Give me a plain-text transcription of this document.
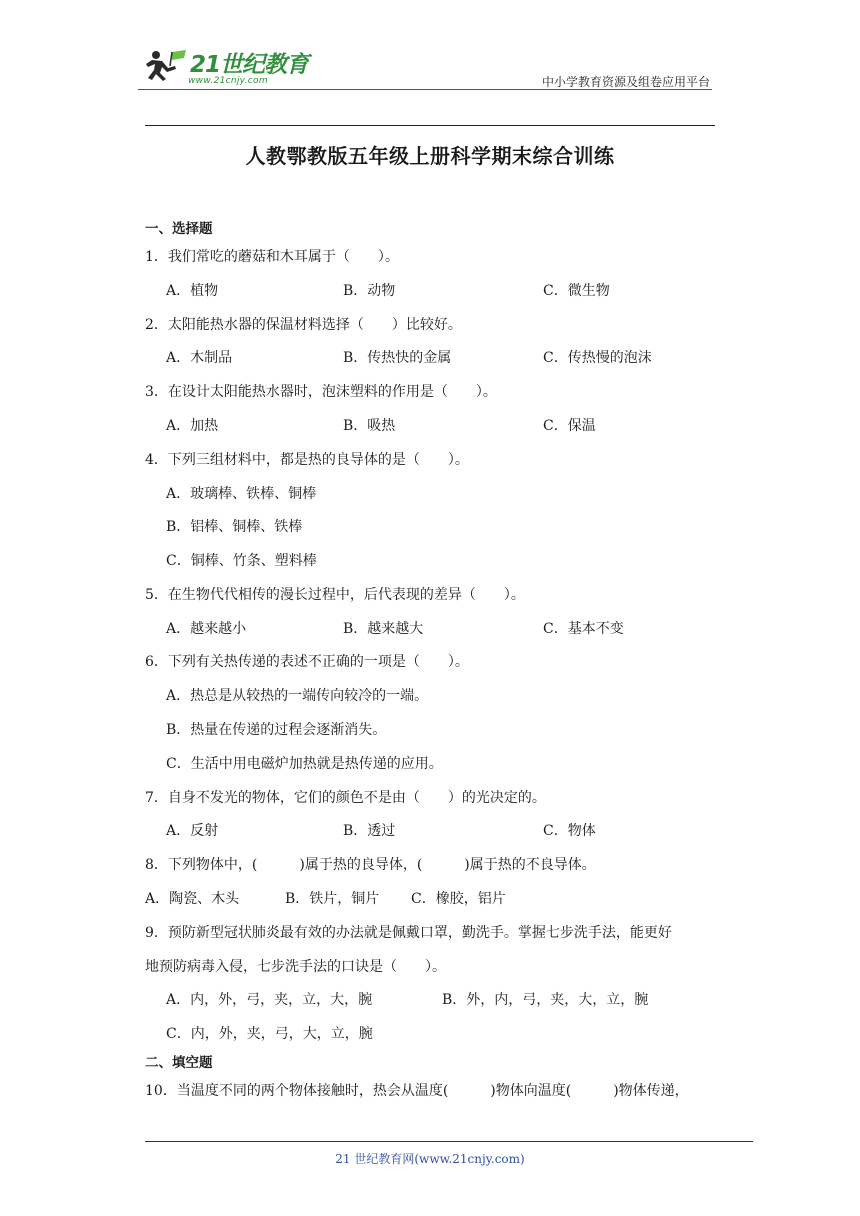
21世纪教育
www.21cnjy.com	中小学教育资源及组卷应用平台
人教鄂教版五年级上册科学期末综合训练
一、选择题
1．我们常吃的蘑菇和木耳属于（　　）。
A．植物	B．动物	C．微生物
2．太阳能热水器的保温材料选择（　　）比较好。
A．木制品	B．传热快的金属	C．传热慢的泡沫
3．在设计太阳能热水器时，泡沫塑料的作用是（　　）。
A．加热	B．吸热	C．保温
4．下列三组材料中，都是热的良导体的是（　　）。
A．玻璃棒、铁棒、铜棒
B．铝棒、铜棒、铁棒
C．铜棒、竹条、塑料棒
5．在生物代代相传的漫长过程中，后代表现的差异（　　）。
A．越来越小	B．越来越大	C．基本不变
6．下列有关热传递的表述不正确的一项是（　　）。
A．热总是从较热的一端传向较冷的一端。
B．热量在传递的过程会逐渐消失。
C．生活中用电磁炉加热就是热传递的应用。
7．自身不发光的物体，它们的颜色不是由（　　）的光决定的。
A．反射	B．透过	C．物体
8．下列物体中，(　　　)属于热的良导体，(　　　)属于热的不良导体。
A．陶瓷、木头	B．铁片，铜片 C．橡胶，铝片
9．预防新型冠状肺炎最有效的办法就是佩戴口罩，勤洗手。掌握七步洗手法，能更好
地预防病毒入侵，七步洗手法的口诀是（　　）。
A．内，外，弓，夹，立，大，腕	B．外，内，弓，夹，大，立，腕
C．内，外，夹，弓，大，立，腕
二、填空题
10．当温度不同的两个物体接触时，热会从温度(　　　)物体向温度(　　　)物体传递，
21 世纪教育网(www.21cnjy.com)
